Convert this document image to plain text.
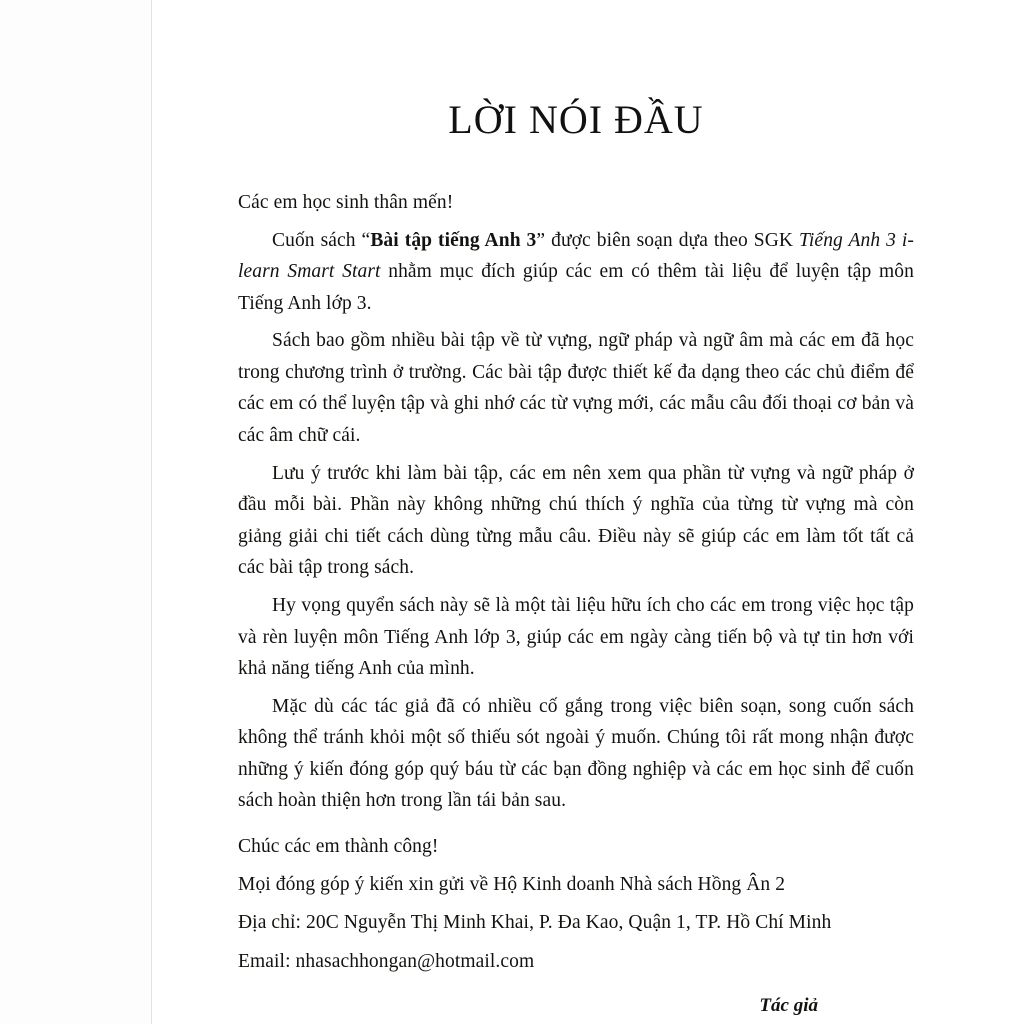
LỜI NÓI ĐẦU

Các em học sinh thân mến!

Cuốn sách “Bài tập tiếng Anh 3” được biên soạn dựa theo SGK Tiếng Anh 3 i-learn Smart Start nhằm mục đích giúp các em có thêm tài liệu để luyện tập môn Tiếng Anh lớp 3.

Sách bao gồm nhiều bài tập về từ vựng, ngữ pháp và ngữ âm mà các em đã học trong chương trình ở trường. Các bài tập được thiết kế đa dạng theo các chủ điểm để các em có thể luyện tập và ghi nhớ các từ vựng mới, các mẫu câu đối thoại cơ bản và các âm chữ cái.

Lưu ý trước khi làm bài tập, các em nên xem qua phần từ vựng và ngữ pháp ở đầu mỗi bài. Phần này không những chú thích ý nghĩa của từng từ vựng mà còn giảng giải chi tiết cách dùng từng mẫu câu. Điều này sẽ giúp các em làm tốt tất cả các bài tập trong sách.

Hy vọng quyển sách này sẽ là một tài liệu hữu ích cho các em trong việc học tập và rèn luyện môn Tiếng Anh lớp 3, giúp các em ngày càng tiến bộ và tự tin hơn với khả năng tiếng Anh của mình.

Mặc dù các tác giả đã có nhiều cố gắng trong việc biên soạn, song cuốn sách không thể tránh khỏi một số thiếu sót ngoài ý muốn. Chúng tôi rất mong nhận được những ý kiến đóng góp quý báu từ các bạn đồng nghiệp và các em học sinh để cuốn sách hoàn thiện hơn trong lần tái bản sau.

Chúc các em thành công!

Mọi đóng góp ý kiến xin gửi về Hộ Kinh doanh Nhà sách Hồng Ân 2

Địa chỉ: 20C Nguyễn Thị Minh Khai, P. Đa Kao, Quận 1, TP. Hồ Chí Minh

Email: nhasachhongan@hotmail.com

Tác giả
